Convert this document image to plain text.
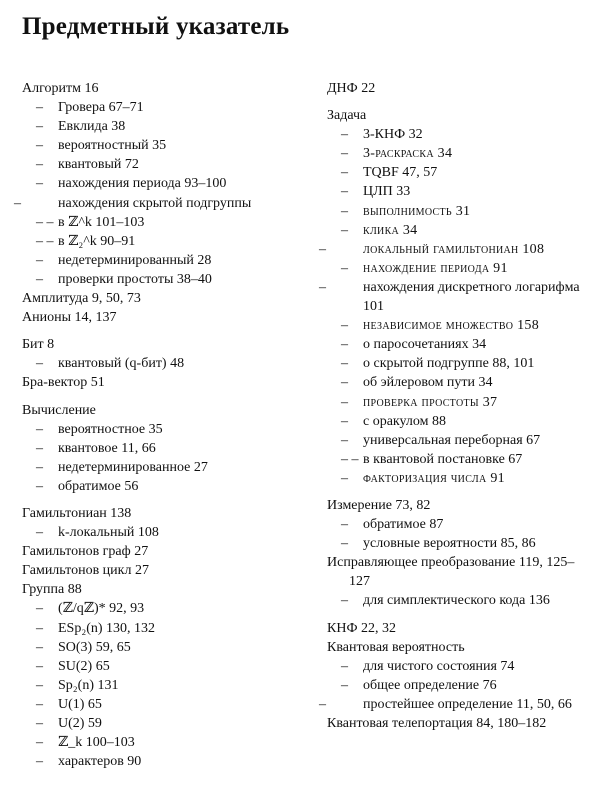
Предметный указатель
Алгоритм 16
– Гровера 67–71
– Евклида 38
– вероятностный 35
– квантовый 72
– нахождения периода 93–100
–	нахождения скрытой подгруппы
– – в ℤ^k 101–103
– – в ℤ₂^k 90–91
– недетерминированный 28
– проверки простоты 38–40
Амплитуда 9, 50, 73
Анионы 14, 137
Бит 8
– квантовый (q-бит) 48
Бра-вектор 51
Вычисление
– вероятностное 35
– квантовое 11, 66
– недетерминированное 27
– обратимое 56
Гамильтониан 138
– k-локальный 108
Гамильтонов граф 27
Гамильтонов цикл 27
Группа 88
– (ℤ/qℤ)* 92, 93
– ESp₂(n) 130, 132
– SO(3) 59, 65
– SU(2) 65
– Sp₂(n) 131
– U(1) 65
– U(2) 59
– ℤ_k 100–103
– характеров 90
ДНФ 22
Задача
– 3-КНФ 32
– 3-раскраска 34
– TQBF 47, 57
– ЦЛП 33
– выполнимость 31
– клика 34
–	локальный гамильтониан 108
– нахождение периода 91
–	нахождения дискретного логарифма 101
– независимое множество 158
– о паросочетаниях 34
– о скрытой подгруппе 88, 101
– об эйлеровом пути 34
– проверка простоты 37
– с оракулом 88
– универсальная переборная 67
– – в квантовой постановке 67
– факторизация числа 91
Измерение 73, 82
– обратимое 87
– условные вероятности 85, 86
Исправляющее преобразование 119, 125–127
– для симплектического кода 136
КНФ 22, 32
Квантовая вероятность
– для чистого состояния 74
– общее определение 76
–	простейшее определение 11, 50, 66
Квантовая телепортация 84, 180–182
